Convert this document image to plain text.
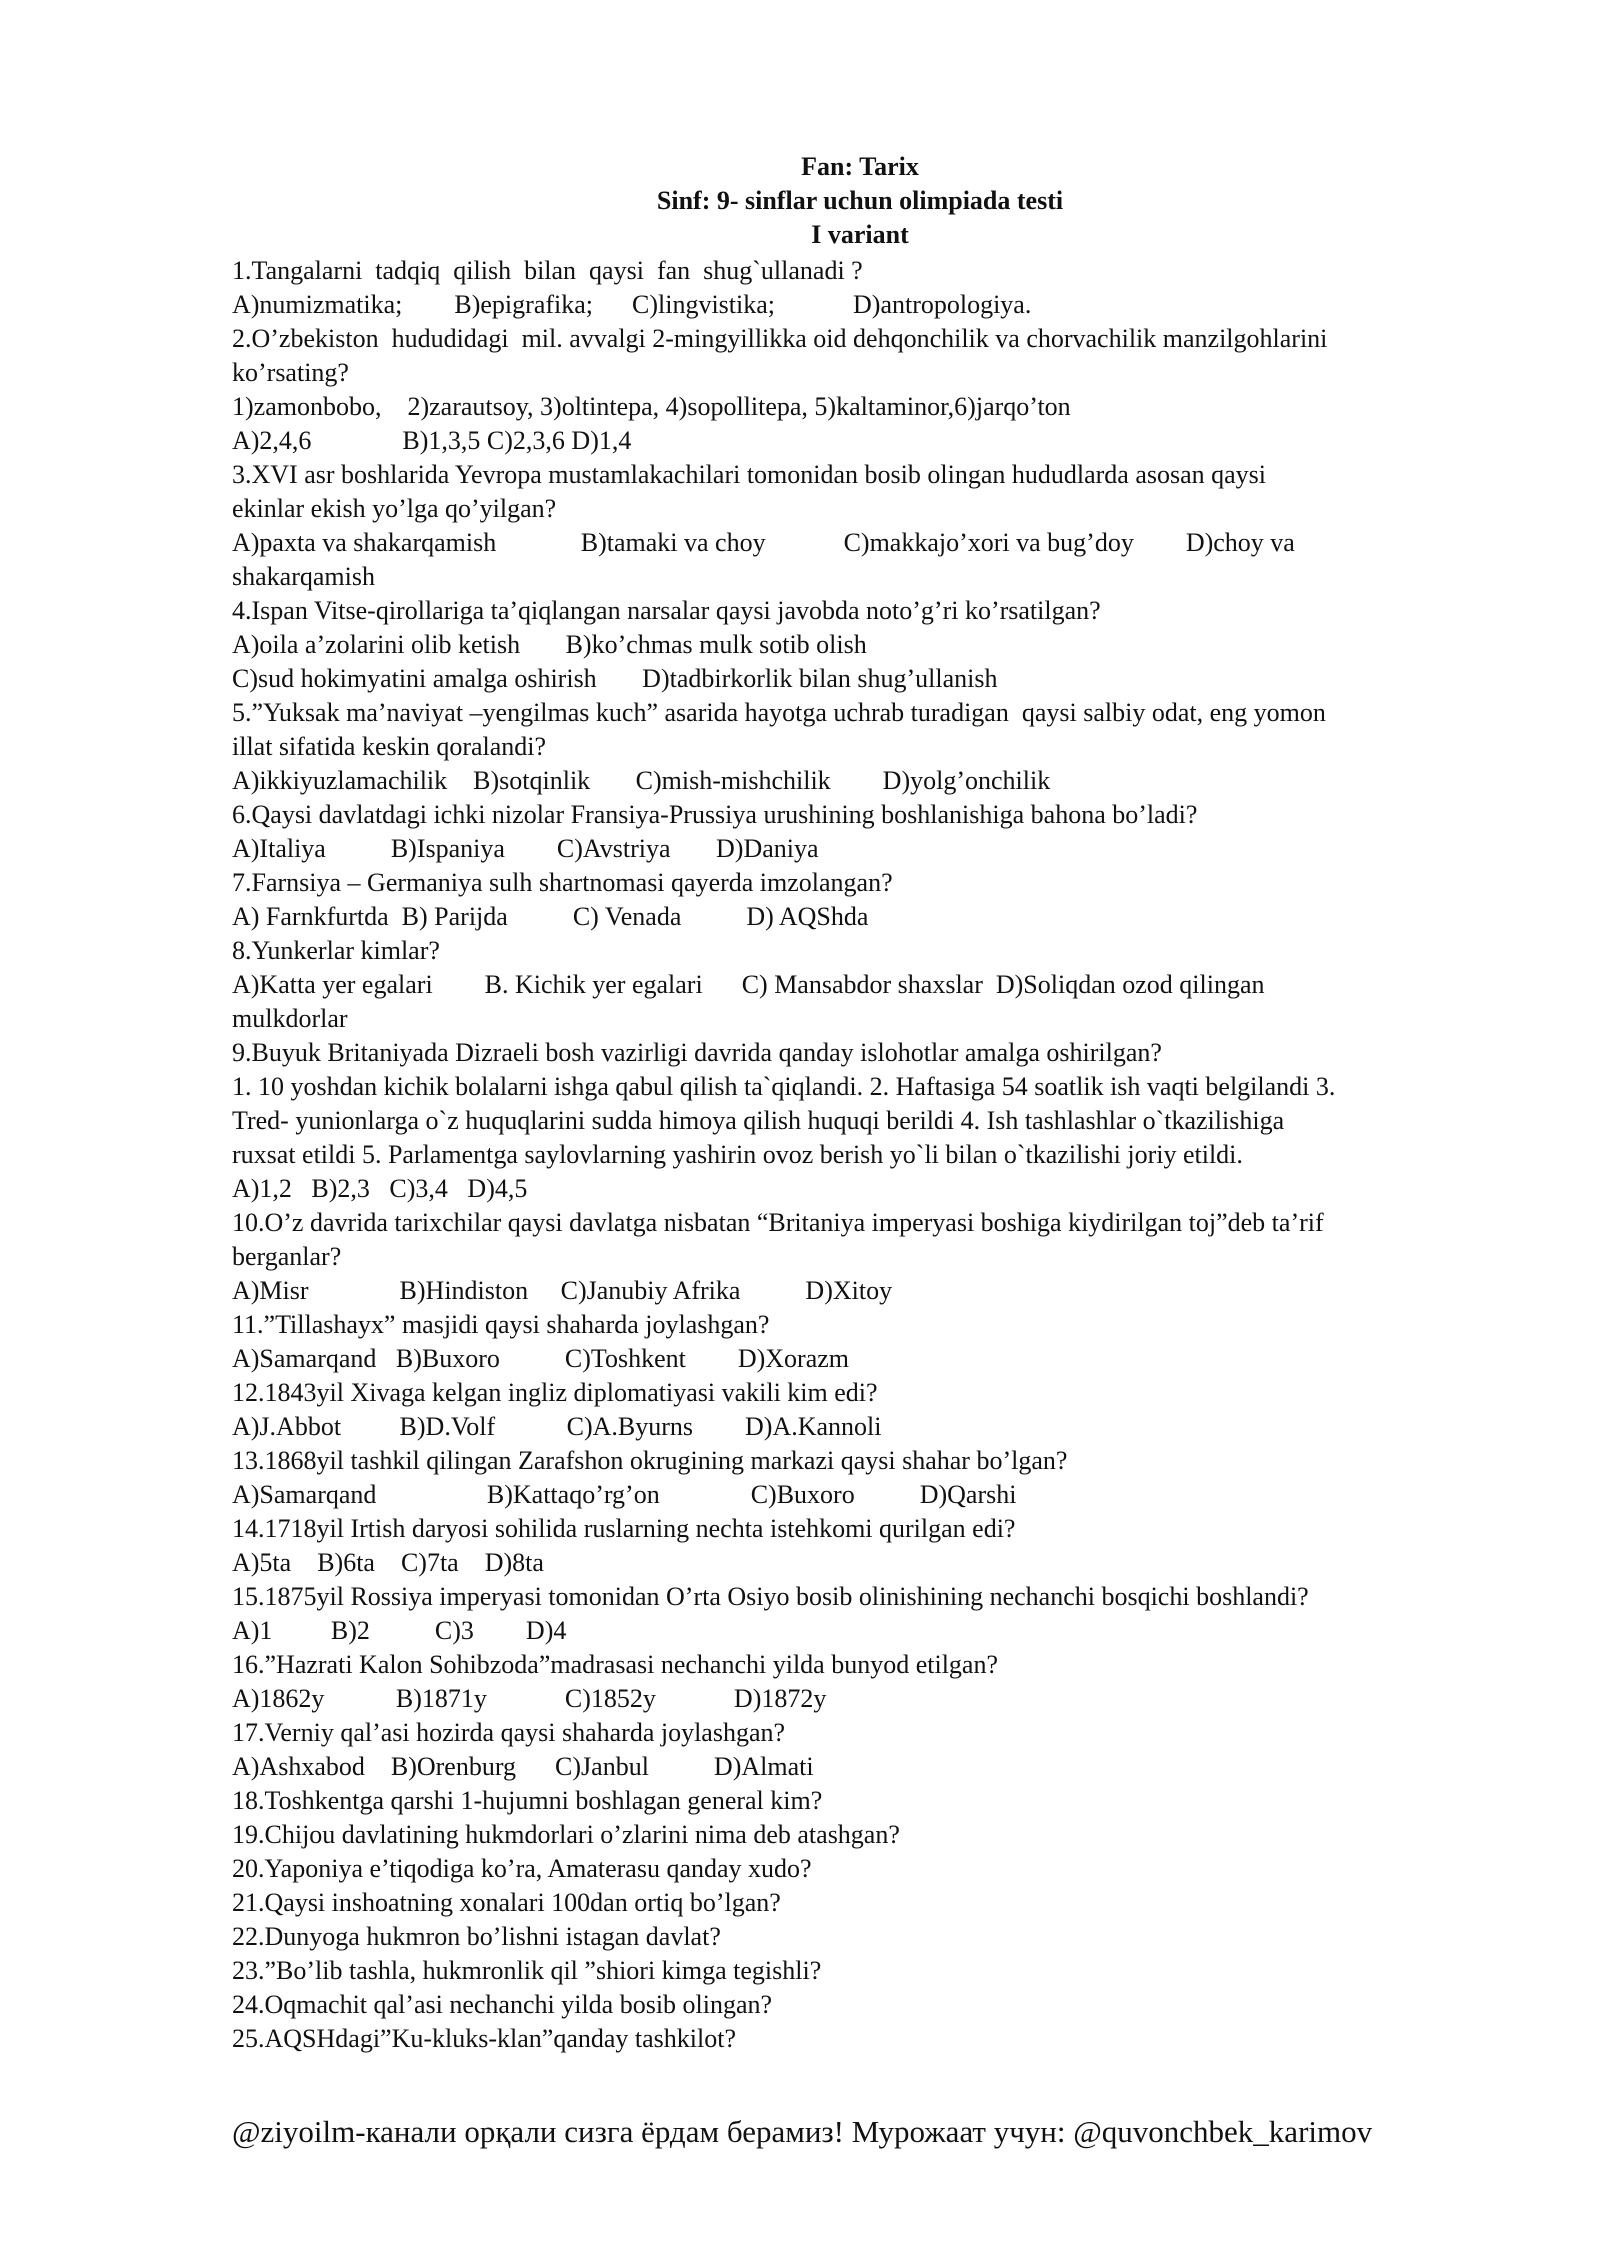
Fan: Tarix
Sinf: 9- sinflar uchun olimpiada testi
I variant
1.Tangalarni  tadqiq  qilish  bilan  qaysi  fan  shug`ullanadi ?
A)numizmatika;        B)epigrafika;      C)lingvistika;            D)antropologiya.
2.O’zbekiston  hududidagi  mil. avvalgi 2-mingyillikka oid dehqonchilik va chorvachilik manzilgohlarini
ko’rsating?
1)zamonbobo,    2)zarautsoy, 3)oltintepa, 4)sopollitepa, 5)kaltaminor,6)jarqo’ton
A)2,4,6              B)1,3,5 C)2,3,6 D)1,4
3.XVI asr boshlarida Yevropa mustamlakachilari tomonidan bosib olingan hududlarda asosan qaysi
ekinlar ekish yo’lga qo’yilgan?
A)paxta va shakarqamish             B)tamaki va choy            C)makkajo’xori va bug’doy        D)choy va
shakarqamish
4.Ispan Vitse-qirollariga ta’qiqlangan narsalar qaysi javobda noto’g’ri ko’rsatilgan?
A)oila a’zolarini olib ketish       B)ko’chmas mulk sotib olish
C)sud hokimyatini amalga oshirish       D)tadbirkorlik bilan shug’ullanish
5.”Yuksak ma’naviyat –yengilmas kuch” asarida hayotga uchrab turadigan  qaysi salbiy odat, eng yomon
illat sifatida keskin qoralandi?
A)ikkiyuzlamachilik    B)sotqinlik       C)mish-mishchilik        D)yolg’onchilik
6.Qaysi davlatdagi ichki nizolar Fransiya-Prussiya urushining boshlanishiga bahona bo’ladi?
A)Italiya          B)Ispaniya        C)Avstriya       D)Daniya
7.Farnsiya – Germaniya sulh shartnomasi qayerda imzolangan?
A) Farnkfurtda  B) Parijda          C) Venada          D) AQShda
8.Yunkerlar kimlar?
A)Katta yer egalari        B. Kichik yer egalari      C) Mansabdor shaxslar  D)Soliqdan ozod qilingan
mulkdorlar
9.Buyuk Britaniyada Dizraeli bosh vazirligi davrida qanday islohotlar amalga oshirilgan?
1. 10 yoshdan kichik bolalarni ishga qabul qilish ta`qiqlandi. 2. Haftasiga 54 soatlik ish vaqti belgilandi 3.
Tred- yunionlarga o`z huquqlarini sudda himoya qilish huquqi berildi 4. Ish tashlashlar o`tkazilishiga
ruxsat etildi 5. Parlamentga saylovlarning yashirin ovoz berish yo`li bilan o`tkazilishi joriy etildi.
A)1,2   B)2,3   C)3,4   D)4,5
10.O’z davrida tarixchilar qaysi davlatga nisbatan “Britaniya imperyasi boshiga kiydirilgan toj”deb ta’rif
berganlar?
A)Misr              B)Hindiston     C)Janubiy Afrika          D)Xitoy
11.”Tillashayx” masjidi qaysi shaharda joylashgan?
A)Samarqand   B)Buxoro          C)Toshkent        D)Xorazm
12.1843yil Xivaga kelgan ingliz diplomatiyasi vakili kim edi?
A)J.Abbot         B)D.Volf           C)A.Byurns        D)A.Kannoli
13.1868yil tashkil qilingan Zarafshon okrugining markazi qaysi shahar bo’lgan?
A)Samarqand                 B)Kattaqo’rg’on              C)Buxoro          D)Qarshi
14.1718yil Irtish daryosi sohilida ruslarning nechta istehkomi qurilgan edi?
A)5ta    B)6ta    C)7ta    D)8ta
15.1875yil Rossiya imperyasi tomonidan O’rta Osiyo bosib olinishining nechanchi bosqichi boshlandi?
A)1         B)2          C)3        D)4
16.”Hazrati Kalon Sohibzoda”madrasasi nechanchi yilda bunyod etilgan?
A)1862y           B)1871y            C)1852y            D)1872y
17.Verniy qal’asi hozirda qaysi shaharda joylashgan?
A)Ashxabod    B)Orenburg      C)Janbul          D)Almati
18.Toshkentga qarshi 1-hujumni boshlagan general kim?
19.Chijou davlatining hukmdorlari o’zlarini nima deb atashgan?
20.Yaponiya e’tiqodiga ko’ra, Amaterasu qanday xudo?
21.Qaysi inshoatning xonalari 100dan ortiq bo’lgan?
22.Dunyoga hukmron bo’lishni istagan davlat?
23.”Bo’lib tashla, hukmronlik qil ”shiori kimga tegishli?
24.Oqmachit qal’asi nechanchi yilda bosib olingan?
25.AQSHdagi”Ku-kluks-klan”qanday tashkilot?
@ziyoilm-канали орқали сизга ёрдам берамиз! Мурожаат учун: @quvonchbek_karimov
